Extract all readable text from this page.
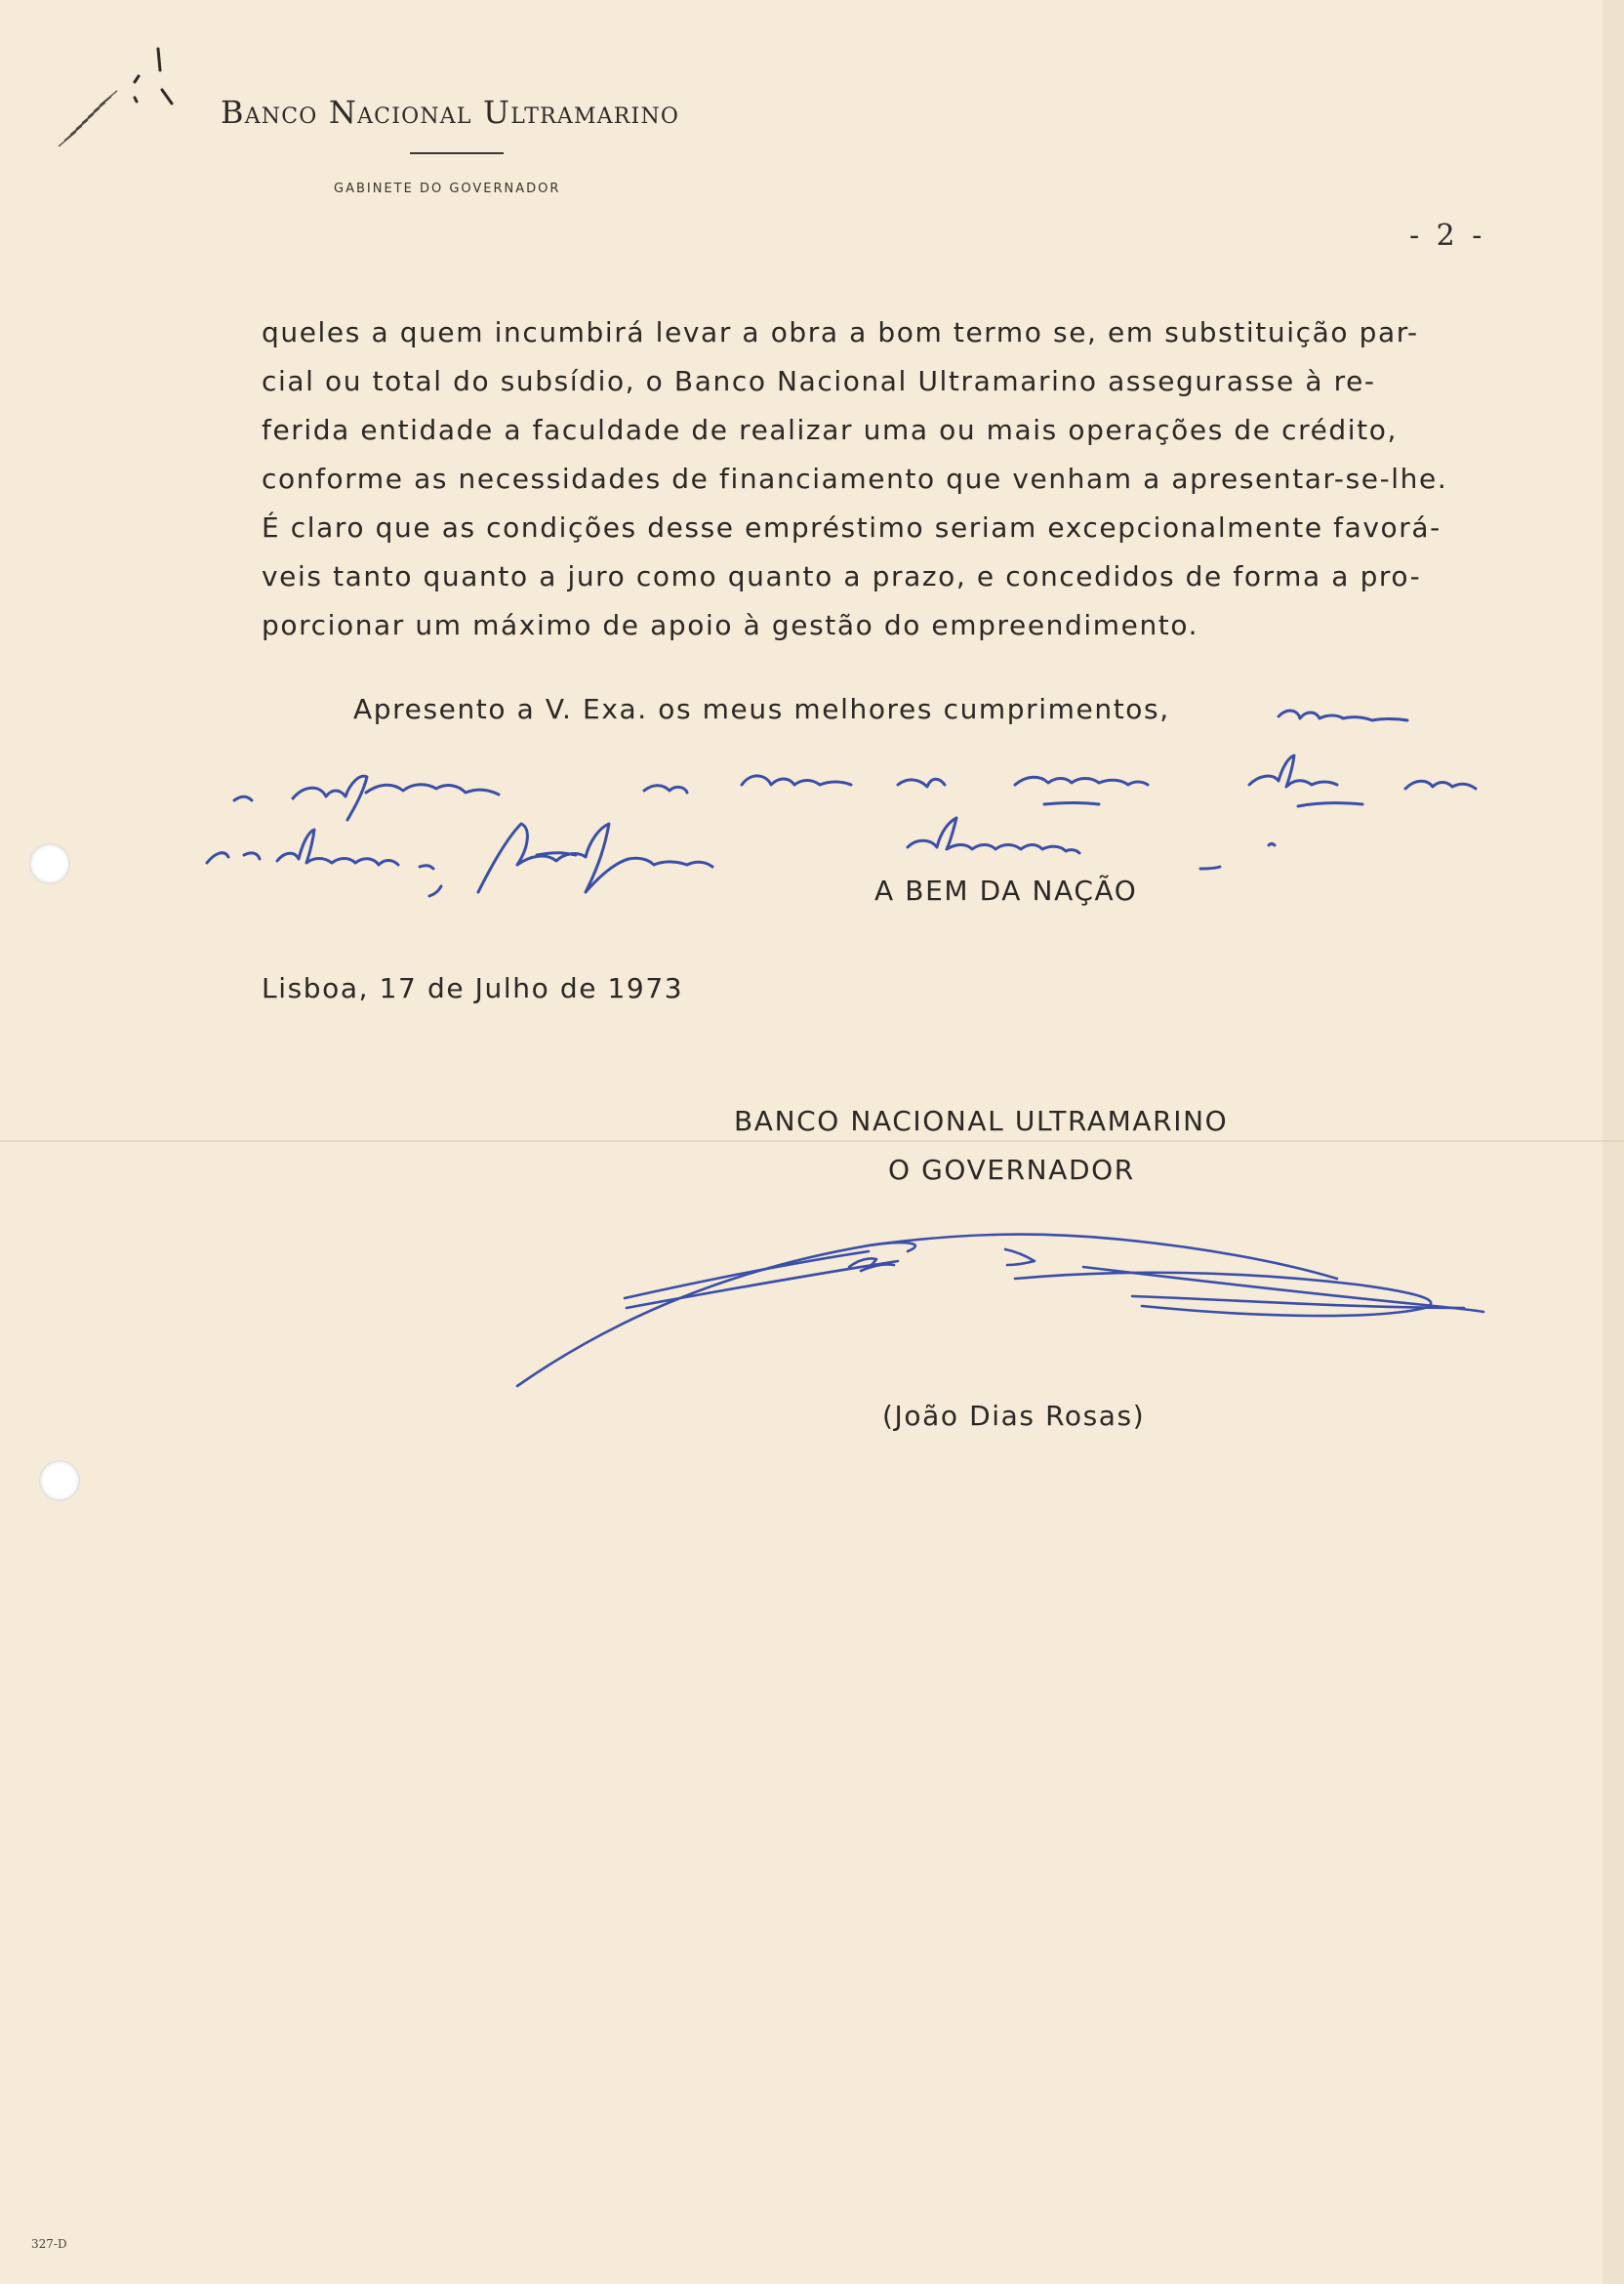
Banco Nacional Ultramarino
GABINETE DO GOVERNADOR
- 2 -
queles a quem incumbirá levar a obra a bom termo se, em substituição par-
cial ou total do subsídio, o Banco Nacional Ultramarino assegurasse à re-
ferida entidade a faculdade de realizar uma ou mais operações de crédito,
conforme as necessidades de financiamento que venham a apresentar-se-lhe.
É claro que as condições desse empréstimo seriam excepcionalmente favorá-
veis tanto quanto a juro como quanto a prazo, e concedidos de forma a pro-
porcionar um máximo de apoio à gestão do empreendimento.
Apresento a V. Exa. os meus melhores cumprimentos,
A BEM DA NAÇÃO
Lisboa, 17 de Julho de 1973
BANCO NACIONAL ULTRAMARINO
O GOVERNADOR
(João Dias Rosas)
327-D
